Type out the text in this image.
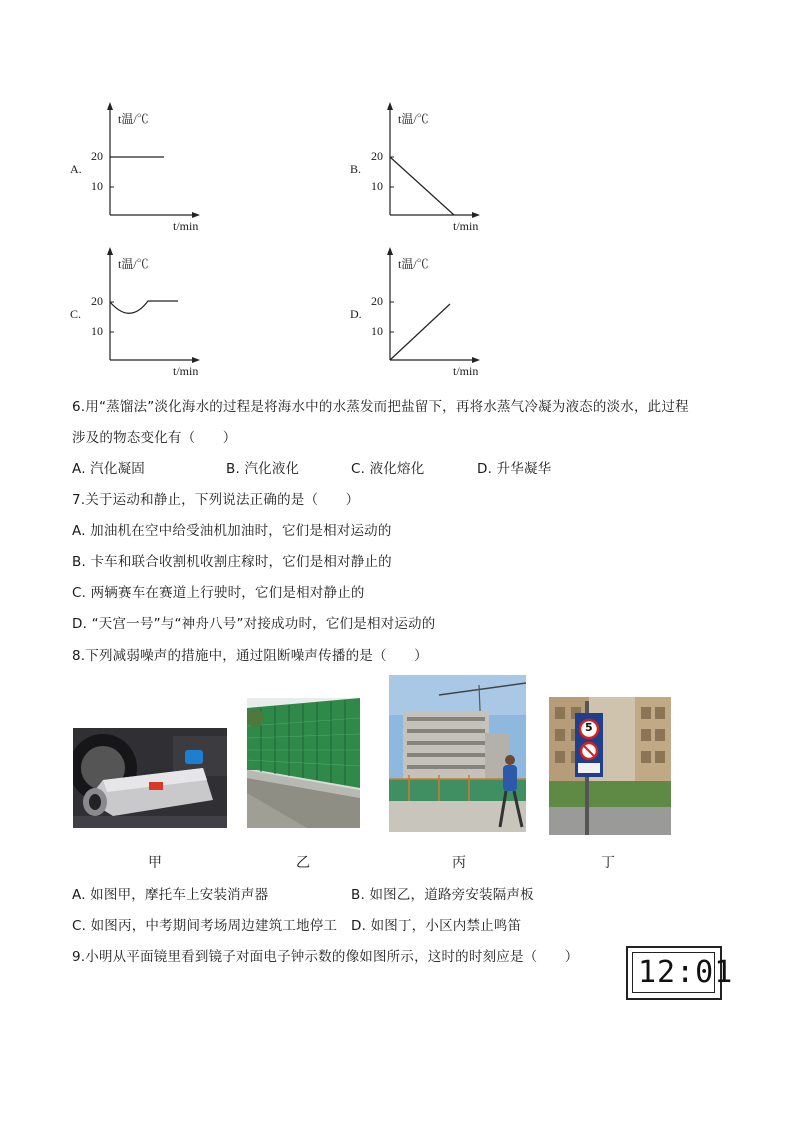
A.
t温/℃
20
10
t/min
B.
t温/℃
20
10
t/min
C.
t温/℃
20
10
t/min
D.
t温/℃
20
10
t/min
6.用“蒸馏法”淡化海水的过程是将海水中的水蒸发而把盐留下，再将水蒸气冷凝为液态的淡水，此过程
涉及的物态变化有（　　）
A. 汽化凝固	B. 汽化液化	C. 液化熔化	D. 升华凝华
7.关于运动和静止，下列说法正确的是（　　）
A. 加油机在空中给受油机加油时，它们是相对运动的
B. 卡车和联合收割机收割庄稼时，它们是相对静止的
C. 两辆赛车在赛道上行驶时，它们是相对静止的
D. “天宫一号”与“神舟八号”对接成功时，它们是相对运动的
8.下列减弱噪声的措施中，通过阻断噪声传播的是（　　）
甲	乙	丙
5
丁
A. 如图甲，摩托车上安装消声器	B. 如图乙，道路旁安装隔声板
C. 如图丙，中考期间考场周边建筑工地停工 D. 如图丁，小区内禁止鸣笛
9.小明从平面镜里看到镜子对面电子钟示数的像如图所示，这时的时刻应是（　　） 12:01
